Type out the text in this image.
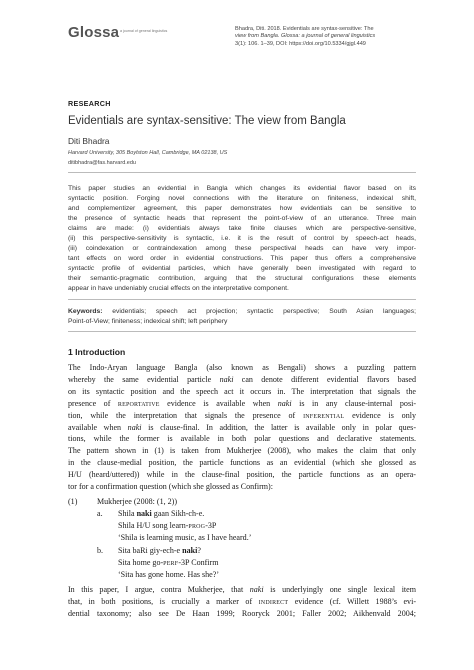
Glossa a journal of general linguistics	Bhadra, Diti. 2018. Evidentials are syntax-sensitive: The
view from Bangla. Glossa: a journal of general linguistics
3(1): 106. 1–39, DOI: https://doi.org/10.5334/gjgl.449
RESEARCH
Evidentials are syntax-sensitive: The view from Bangla
Diti Bhadra
Harvard University, 305 Boylston Hall, Cambridge, MA 02138, US
ditibhadra@fas.harvard.edu
This paper studies an evidential in Bangla which changes its evidential flavor based on its
syntactic position. Forging novel connections with the literature on finiteness, indexical shift,
and complementizer agreement, this paper demonstrates how evidentials can be sensitive to
the presence of syntactic heads that represent the point-of-view of an utterance. Three main
claims are made: (i) evidentials always take finite clauses which are perspective-sensitive,
(ii) this perspective-sensitivity is syntactic, i.e. it is the result of control by speech-act heads,
(iii) coindexation or contraindexation among these perspectival heads can have very impor-
tant effects on word order in evidential constructions. This paper thus offers a comprehensive
syntactic profile of evidential particles, which have generally been investigated with regard to
their semantic-pragmatic contribution, arguing that the structural configurations these elements
appear in have undeniably crucial effects on the interpretative component.
Keywords: evidentials; speech act projection; syntactic perspective; South Asian languages;
Point-of-View; finiteness; indexical shift; left periphery
1 Introduction
The Indo-Aryan language Bangla (also known as Bengali) shows a puzzling pattern
whereby the same evidential particle naki can denote different evidential flavors based
on its syntactic position and the speech act it occurs in. The interpretation that signals the
presence of reportative evidence is available when naki is in any clause-internal posi-
tion, while the interpretation that signals the presence of inferential evidence is only
available when naki is clause-final. In addition, the latter is available only in polar ques-
tions, while the former is available in both polar questions and declarative statements.
The pattern shown in (1) is taken from Mukherjee (2008), who makes the claim that only
in the clause-medial position, the particle functions as an evidential (which she glossed as
H/U (heard/uttered)) while in the clause-final position, the particle functions as an opera-
tor for a confirmation question (which she glossed as Confirm):
(1) Mukherjee (2008: (1, 2))
a. Shila naki gaan Sikh-ch-e.
Shila H/U song learn-prog-3P
‘Shila is learning music, as I have heard.’
b. Sita baRi giy-ech-e naki?
Sita home go-perf-3P Confirm
‘Sita has gone home. Has she?’
In this paper, I argue, contra Mukherjee, that naki is underlyingly one single lexical item
that, in both positions, is crucially a marker of indirect evidence (cf. Willett 1988’s evi-
dential taxonomy; also see De Haan 1999; Rooryck 2001; Faller 2002; Aikhenvald 2004;
